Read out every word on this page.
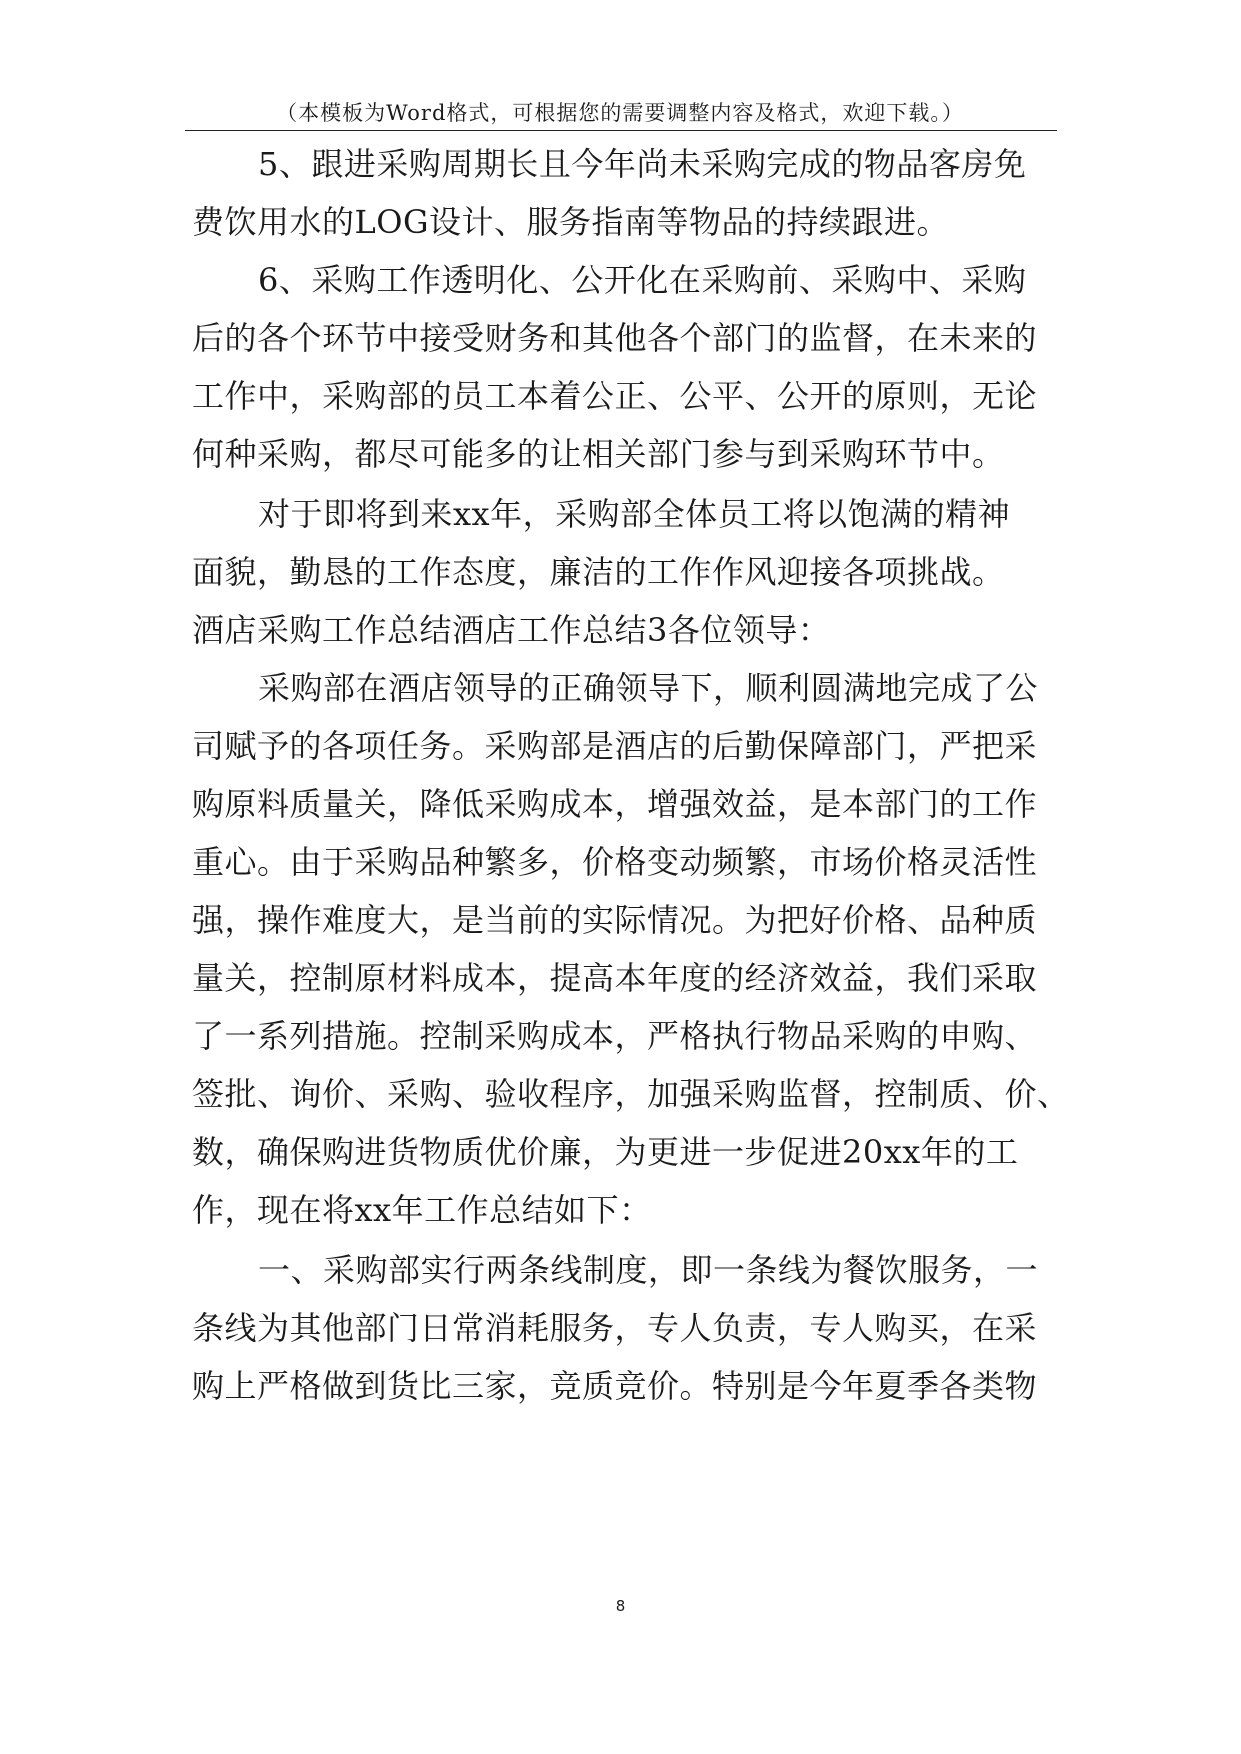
（本模板为Word格式，可根据您的需要调整内容及格式，欢迎下载。）
5、跟进采购周期长且今年尚未采购完成的物品客房免
费饮用水的LOG设计、服务指南等物品的持续跟进。
6、采购工作透明化、公开化在采购前、采购中、采购
后的各个环节中接受财务和其他各个部门的监督，在未来的
工作中，采购部的员工本着公正、公平、公开的原则，无论
何种采购，都尽可能多的让相关部门参与到采购环节中。
对于即将到来xx年，采购部全体员工将以饱满的精神
面貌，勤恳的工作态度，廉洁的工作作风迎接各项挑战。
酒店采购工作总结酒店工作总结3各位领导：
采购部在酒店领导的正确领导下，顺利圆满地完成了公
司赋予的各项任务。采购部是酒店的后勤保障部门，严把采
购原料质量关，降低采购成本，增强效益，是本部门的工作
重心。由于采购品种繁多，价格变动频繁，市场价格灵活性
强，操作难度大，是当前的实际情况。为把好价格、品种质
量关，控制原材料成本，提高本年度的经济效益，我们采取
了一系列措施。控制采购成本，严格执行物品采购的申购、
签批、询价、采购、验收程序，加强采购监督，控制质、价、
数，确保购进货物质优价廉，为更进一步促进20xx年的工
作，现在将xx年工作总结如下：
一、采购部实行两条线制度，即一条线为餐饮服务，一
条线为其他部门日常消耗服务，专人负责，专人购买，在采
购上严格做到货比三家，竞质竞价。特别是今年夏季各类物
8
